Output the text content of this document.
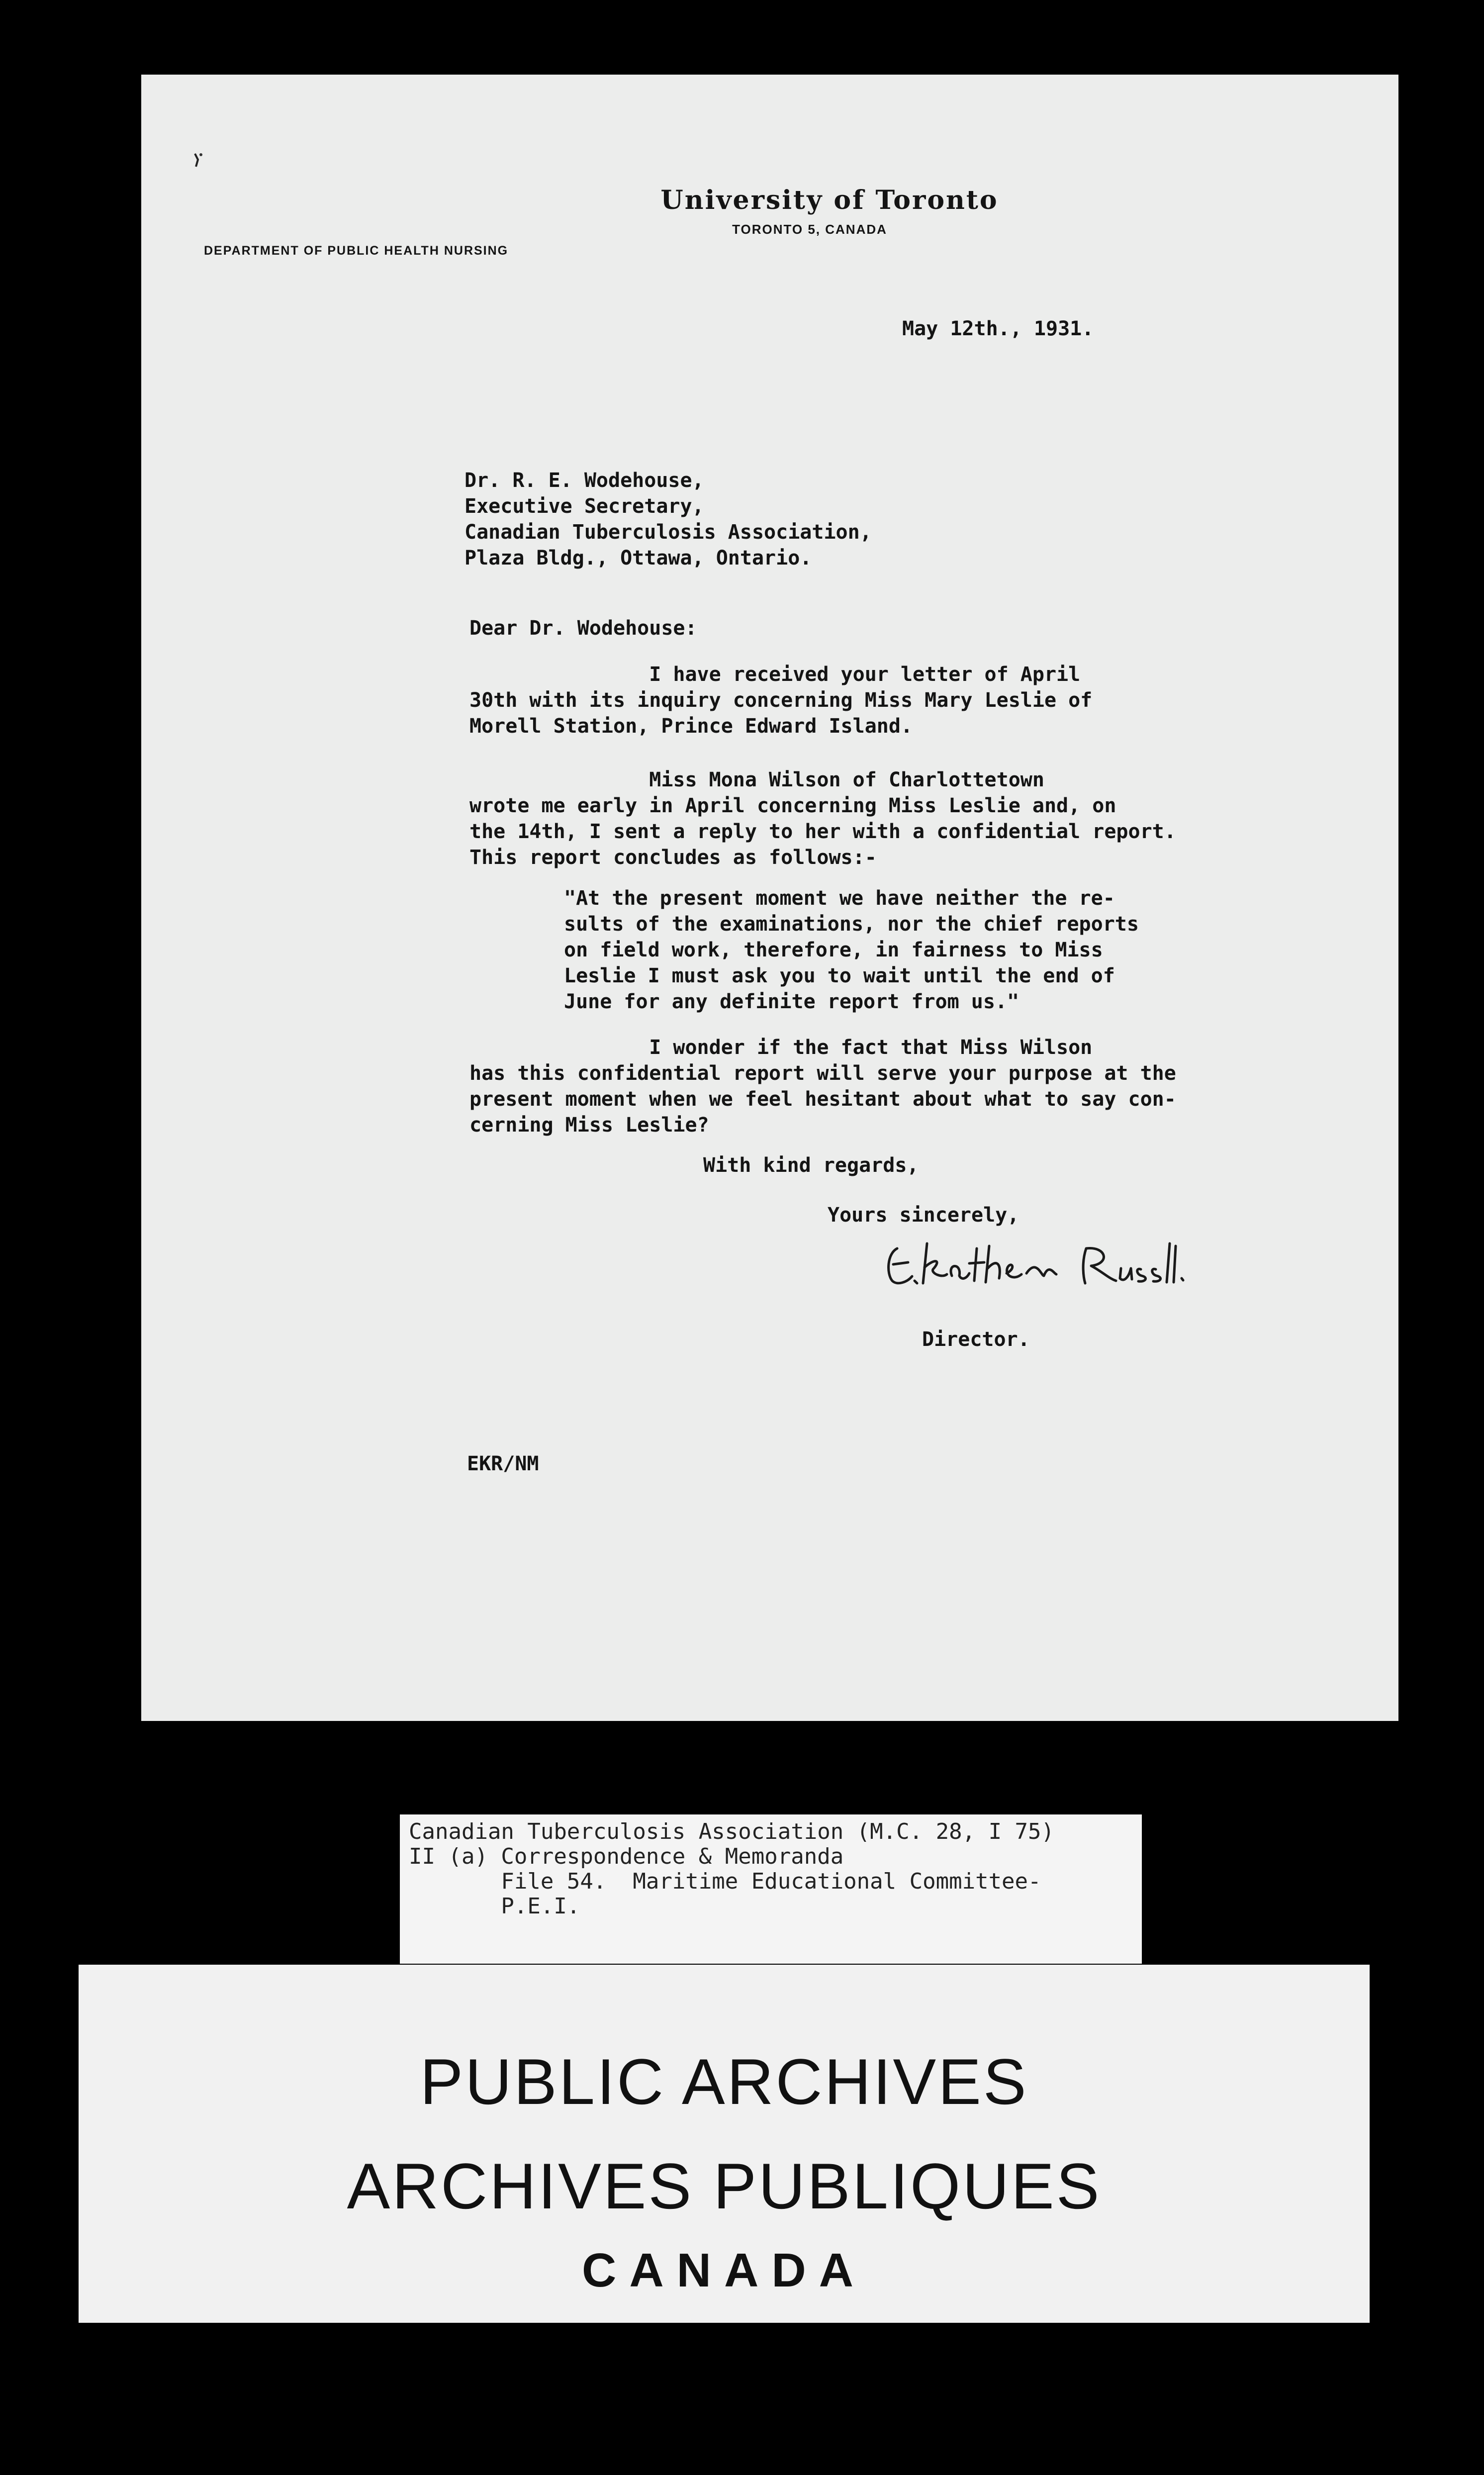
University of Toronto
TORONTO 5, CANADA
DEPARTMENT OF PUBLIC HEALTH NURSING
May 12th., 1931.
Dr. R. E. Wodehouse,
Executive Secretary,
Canadian Tuberculosis Association,
Plaza Bldg., Ottawa, Ontario.
Dear Dr. Wodehouse:
I have received your letter of April
30th with its inquiry concerning Miss Mary Leslie of
Morell Station, Prince Edward Island.
Miss Mona Wilson of Charlottetown
wrote me early in April concerning Miss Leslie and, on
the 14th, I sent a reply to her with a confidential report.
This report concludes as follows:-
"At the present moment we have neither the re-
sults of the examinations, nor the chief reports
on field work, therefore, in fairness to Miss
Leslie I must ask you to wait until the end of
June for any definite report from us."
I wonder if the fact that Miss Wilson
has this confidential report will serve your purpose at the
present moment when we feel hesitant about what to say con-
cerning Miss Leslie?
With kind regards,
Yours sincerely,
Director.
EKR/NM
Canadian Tuberculosis Association (M.C. 28, I 75)
II (a) Correspondence & Memoranda
File 54.  Maritime Educational Committee-
P.E.I.
PUBLIC ARCHIVES
ARCHIVES PUBLIQUES
CANADA
